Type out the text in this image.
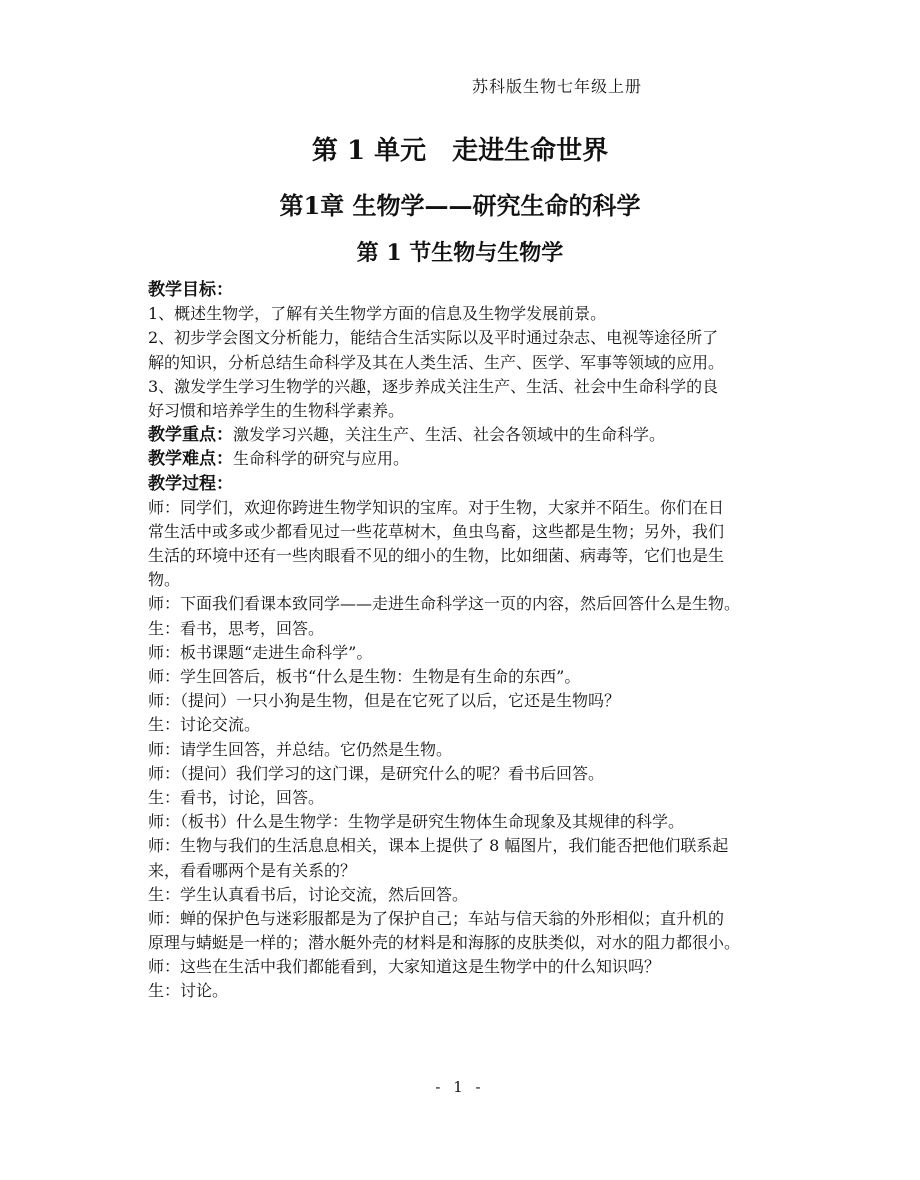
苏科版生物七年级上册
第 1 单元　走进生命世界
第1章 生物学——研究生命的科学
第 1 节生物与生物学
教学目标：
1、概述生物学，了解有关生物学方面的信息及生物学发展前景。
2、初步学会图文分析能力，能结合生活实际以及平时通过杂志、电视等途径所了
解的知识，分析总结生命科学及其在人类生活、生产、医学、军事等领域的应用。
3、激发学生学习生物学的兴趣，逐步养成关注生产、生活、社会中生命科学的良
好习惯和培养学生的生物科学素养。
教学重点：激发学习兴趣，关注生产、生活、社会各领域中的生命科学。
教学难点：生命科学的研究与应用。
教学过程：
师：同学们，欢迎你跨进生物学知识的宝库。对于生物，大家并不陌生。你们在日
常生活中或多或少都看见过一些花草树木，鱼虫鸟畜，这些都是生物；另外，我们
生活的环境中还有一些肉眼看不见的细小的生物，比如细菌、病毒等，它们也是生
物。
师：下面我们看课本致同学——走进生命科学这一页的内容，然后回答什么是生物。
生：看书，思考，回答。
师：板书课题“走进生命科学”。
师：学生回答后，板书“什么是生物：生物是有生命的东西”。
师：（提问）一只小狗是生物，但是在它死了以后，它还是生物吗？
生：讨论交流。
师：请学生回答，并总结。它仍然是生物。
师：（提问）我们学习的这门课，是研究什么的呢？看书后回答。
生：看书，讨论，回答。
师：（板书）什么是生物学：生物学是研究生物体生命现象及其规律的科学。
师：生物与我们的生活息息相关，课本上提供了 8 幅图片，我们能否把他们联系起
来，看看哪两个是有关系的？
生：学生认真看书后，讨论交流，然后回答。
师：蝉的保护色与迷彩服都是为了保护自己；车站与信天翁的外形相似；直升机的
原理与蜻蜓是一样的；潜水艇外壳的材料是和海豚的皮肤类似，对水的阻力都很小。
师：这些在生活中我们都能看到，大家知道这是生物学中的什么知识吗？
生：讨论。
- 1 -
